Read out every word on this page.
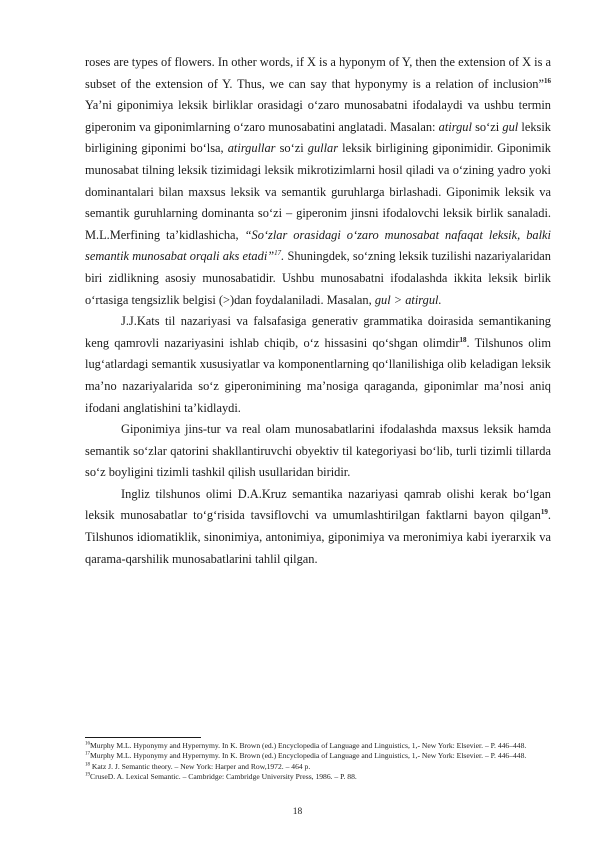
roses are types of flowers. In other words, if X is a hyponym of Y, then the extension of X is a subset of the extension of Y. Thus, we can say that hyponymy is a relation of inclusion”$^{16}$ Ya’ni giponimiya leksik birliklar orasidagi o‘zaro munosabatni ifodalaydi va ushbu termin giperonim va giponimlarning o‘zaro munosabatini anglatadi. Masalan: atirgul so‘zi gul leksik birligining giponimi bo‘lsa, atirgullar so‘zi gullar leksik birligining giponimidir. Giponimik munosabat tilning leksik tizimidagi leksik mikrotizimlarni hosil qiladi va o‘zining yadro yoki dominantalari bilan maxsus leksik va semantik guruhlarga birlashadi. Giponimik leksik va semantik guruhlarning dominanta so‘zi – giperonim jinsni ifodalovchi leksik birlik sanaladi. M.L.Merfining ta’kidlashicha, “So‘zlar orasidagi o‘zaro munosabat nafaqat leksik, balki semantik munosabat orqali aks etadi”$^{17}$. Shuningdek, so‘zning leksik tuzilishi nazariyalaridan biri zidlikning asosiy munosabatidir. Ushbu munosabatni ifodalashda ikkita leksik birlik o‘rtasiga tengsizlik belgisi (>)dan foydalaniladi. Masalan, gul > atirgul.

J.J.Kats til nazariyasi va falsafasiga generativ grammatika doirasida semantikaning keng qamrovli nazariyasini ishlab chiqib, o‘z hissasini qo‘shgan olimdir$^{18}$. Tilshunos olim lug‘atlardagi semantik xususiyatlar va komponentlarning qo‘llanilishiga olib keladigan leksik ma’no nazariyalarida so‘z giperonimining ma’nosiga qaraganda, giponimlar ma’nosi aniq ifodani anglatishini ta’kidlaydi.

Giponimiya jins-tur va real olam munosabatlarini ifodalashda maxsus leksik hamda semantik so‘zlar qatorini shakllantiruvchi obyektiv til kategoriyasi bo‘lib, turli tizimli tillarda so‘z boyligini tizimli tashkil qilish usullaridan biridir.

Ingliz tilshunos olimi D.A.Kruz semantika nazariyasi qamrab olishi kerak bo‘lgan leksik munosabatlar to‘g‘risida tavsiflovchi va umumlashtirilgan faktlarni bayon qilgan$^{19}$. Tilshunos idiomatiklik, sinonimiya, antonimiya, giponimiya va meronimiya kabi iyerarxik va qarama-qarshilik munosabatlarini tahlil qilgan.

$^{16}$Murphy M.L. Hyponymy and Hypernymy. In K. Brown (ed.) Encyclopedia of Language and Linguistics, 1,- New York: Elsevier. – P. 446–448.

$^{17}$Murphy M.L. Hyponymy and Hypernymy. In K. Brown (ed.) Encyclopedia of Language and Linguistics, 1,- New York: Elsevier. – P. 446–448.

$^{18}$ Katz J. J. Semantic theory. – New York: Harper and Row,1972. – 464 p.

$^{19}$CruseD. A. Lexical Semantic. – Cambridge: Cambridge University Press, 1986. – P. 88.

18
